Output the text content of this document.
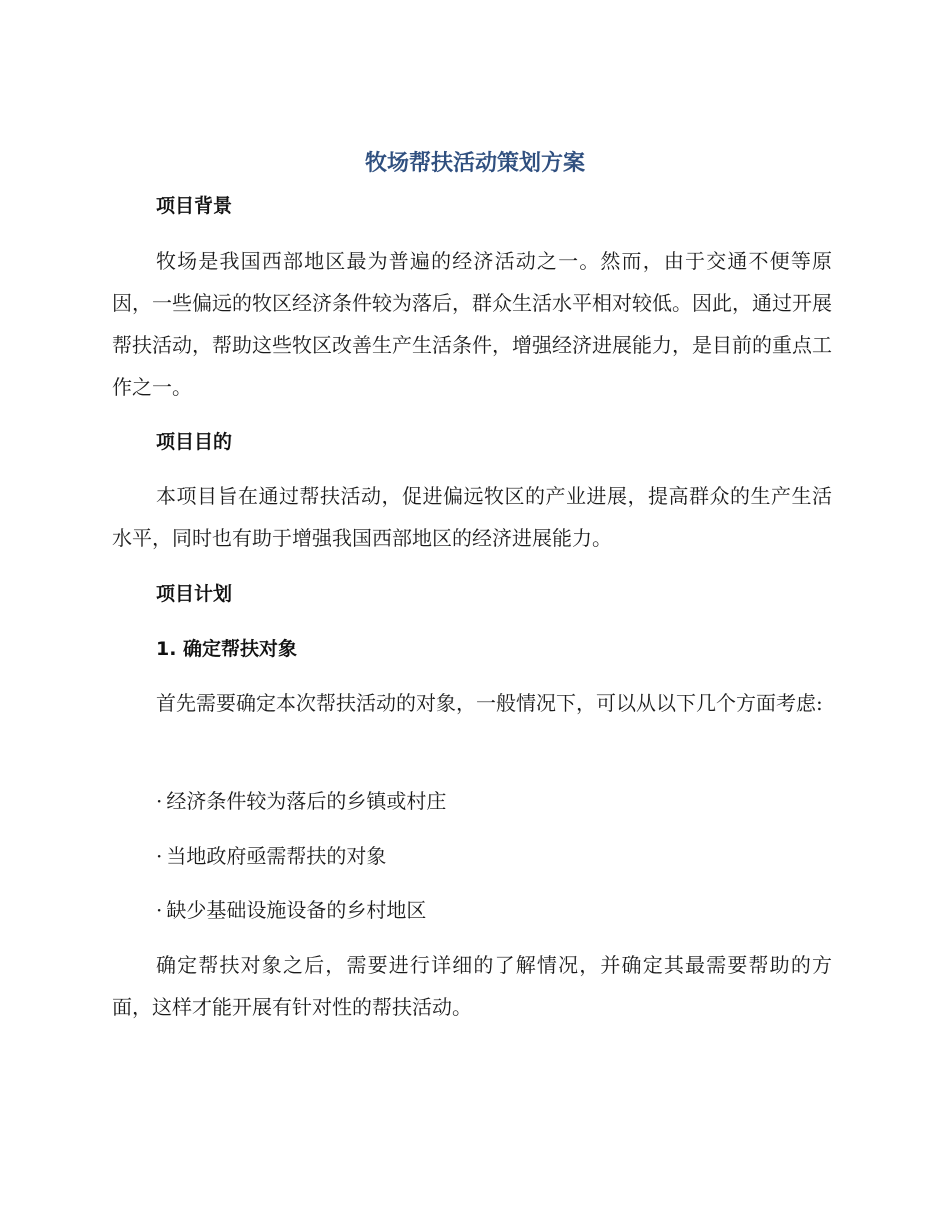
牧场帮扶活动策划方案
项目背景

牧场是我国西部地区最为普遍的经济活动之一。然而，由于交通不便等原因，一些偏远的牧区经济条件较为落后，群众生活水平相对较低。因此，通过开展帮扶活动，帮助这些牧区改善生产生活条件，增强经济进展能力，是目前的重点工作之一。

项目目的

本项目旨在通过帮扶活动，促进偏远牧区的产业进展，提高群众的生产生活水平，同时也有助于增强我国西部地区的经济进展能力。

项目计划
1. 确定帮扶对象

首先需要确定本次帮扶活动的对象，一般情况下，可以从以下几个方面考虑:

· 经济条件较为落后的乡镇或村庄
· 当地政府亟需帮扶的对象
· 缺少基础设施设备的乡村地区

确定帮扶对象之后，需要进行详细的了解情况，并确定其最需要帮助的方面，这样才能开展有针对性的帮扶活动。
